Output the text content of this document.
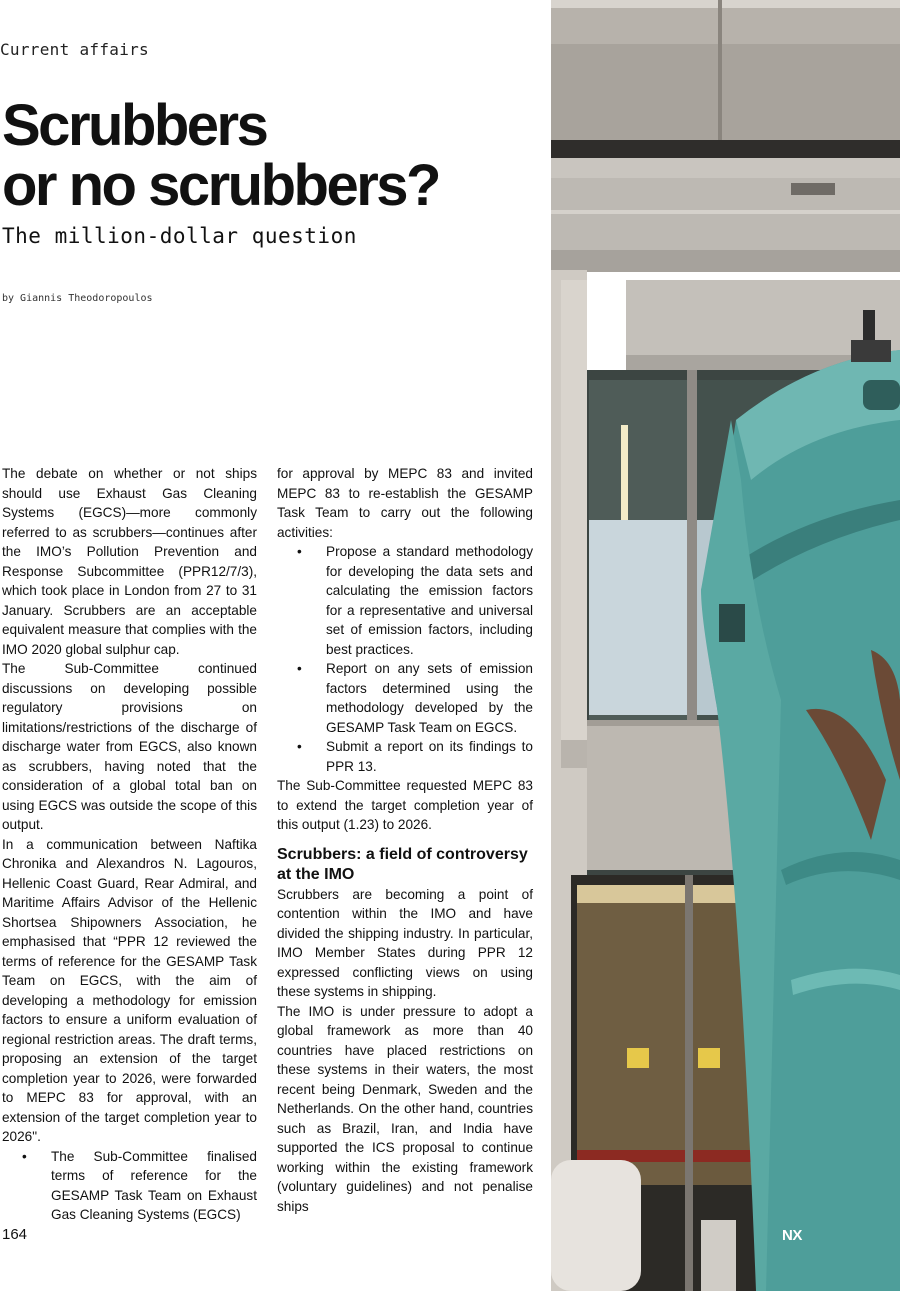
Current affairs
Scrubbers
or no scrubbers?
The million-dollar question
by Giannis Theodoropoulos

The debate on whether or not ships should use Exhaust Gas Cleaning Systems (EGCS)—more commonly referred to as scrubbers—continues after the IMO’s Pollution Prevention and Response Subcommittee (PPR12/7/3), which took place in London from 27 to 31 January. Scrubbers are an acceptable equivalent measure that complies with the IMO 2020 global sulphur cap.

The Sub-Committee continued discussions on developing possible regulatory provisions on limitations/restrictions of the discharge of discharge water from EGCS, also known as scrubbers, having noted that the consideration of a global total ban on using EGCS was outside the scope of this output.

In a communication between Naftika Chronika and Alexandros N. Lagouros, Hellenic Coast Guard, Rear Admiral, and Maritime Affairs Advisor of the Hellenic Shortsea Shipowners Association, he emphasised that “PPR 12 reviewed the terms of reference for the GESAMP Task Team on EGCS, with the aim of developing a methodology for emission factors to ensure a uniform evaluation of regional restriction areas. The draft terms, proposing an extension of the target completion year to 2026, were forwarded to MEPC 83 for approval, with an extension of the target completion year to 2026".

• The Sub-Committee finalised terms of reference for the GESAMP Task Team on Exhaust Gas Cleaning Systems (EGCS)

for approval by MEPC 83 and invited MEPC 83 to re-establish the GESAMP Task Team to carry out the following activities:

• Propose a standard methodology for developing the data sets and calculating the emission factors for a representative and universal set of emission factors, including best practices.
• Report on any sets of emission factors determined using the methodology developed by the GESAMP Task Team on EGCS.
• Submit a report on its findings to PPR 13.

The Sub-Committee requested MEPC 83 to extend the target completion year of this output (1.23) to 2026.

Scrubbers: a field of controversy at the IMO

Scrubbers are becoming a point of contention within the IMO and have divided the shipping industry. In particular, IMO Member States during PPR 12 expressed conflicting views on using these systems in shipping.

The IMO is under pressure to adopt a global framework as more than 40 countries have placed restrictions on these systems in their waters, the most recent being Denmark, Sweden and the Netherlands. On the other hand, countries such as Brazil, Iran, and India have supported the ICS proposal to continue working within the existing framework (voluntary guidelines) and not penalise ships

164	NX
